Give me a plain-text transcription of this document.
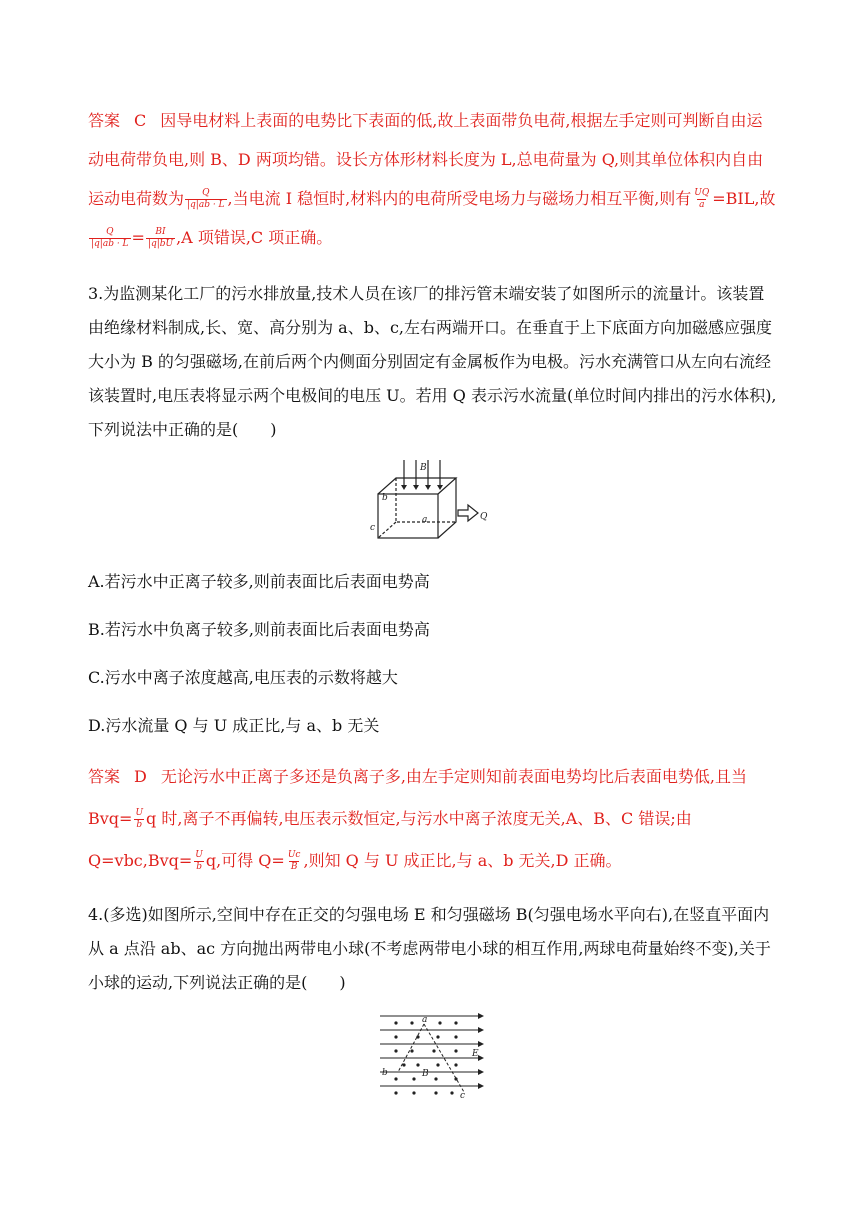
答案 C 因导电材料上表面的电势比下表面的低,故上表面带负电荷,根据左手定则可判断自由运动电荷带负电,则 B、D 两项均错。设长方体形材料长度为 L,总电荷量为 Q,则其单位体积内自由运动电荷数为 $\frac{Q}{|q|ab \cdot L}$ ,当电流 I 稳恒时,材料内的电荷所受电场力与磁场力相互平衡,则有 $\frac{UQ}{a} =BIL$,故
$\frac{Q}{|q|ab \cdot L} = \frac{BI}{|q|bU} ,A$ 项错误,C 项正确。
3.为监测某化工厂的污水排放量,技术人员在该厂的排污管末端安装了如图所示的流量计。该装置由绝缘材料制成,长、宽、高分别为 a、b、c,左右两端开口。在垂直于上下底面方向加磁感应强度大小为 B 的匀强磁场,在前后两个内侧面分别固定有金属板作为电极。污水充满管口从左向右流经该装置时,电压表将显示两个电极间的电压 U。若用 Q 表示污水流量(单位时间内排出的污水体积),下列说法中正确的是(　　)
B
a
b
c
Q
A.若污水中正离子较多,则前表面比后表面电势高
B.若污水中负离子较多,则前表面比后表面电势高
C.污水中离子浓度越高,电压表的示数将越大
D.污水流量 Q 与 U 成正比,与 a、b 无关
答案 D 无论污水中正离子多还是负离子多,由左手定则知前表面电势均比后表面电势低,且当 $Bvq= \frac{U}{b}$ q 时,离子不再偏转,电压表示数恒定,与污水中离子浓度无关,A、B、C 错误;由 $Q=vbc,Bvq= \frac{U}{b} q$,可得 $Q= \frac{Uc}{B}$ ,则知 Q 与 U 成正比,与 a、b 无关,D 正确。
4.(多选)如图所示,空间中存在正交的匀强电场 E 和匀强磁场 B(匀强电场水平向右),在竖直平面内从 a 点沿 ab、ac 方向抛出两带电小球(不考虑两带电小球的相互作用,两球电荷量始终不变),关于小球的运动,下列说法正确的是(　　)
a
b
c
E
B
